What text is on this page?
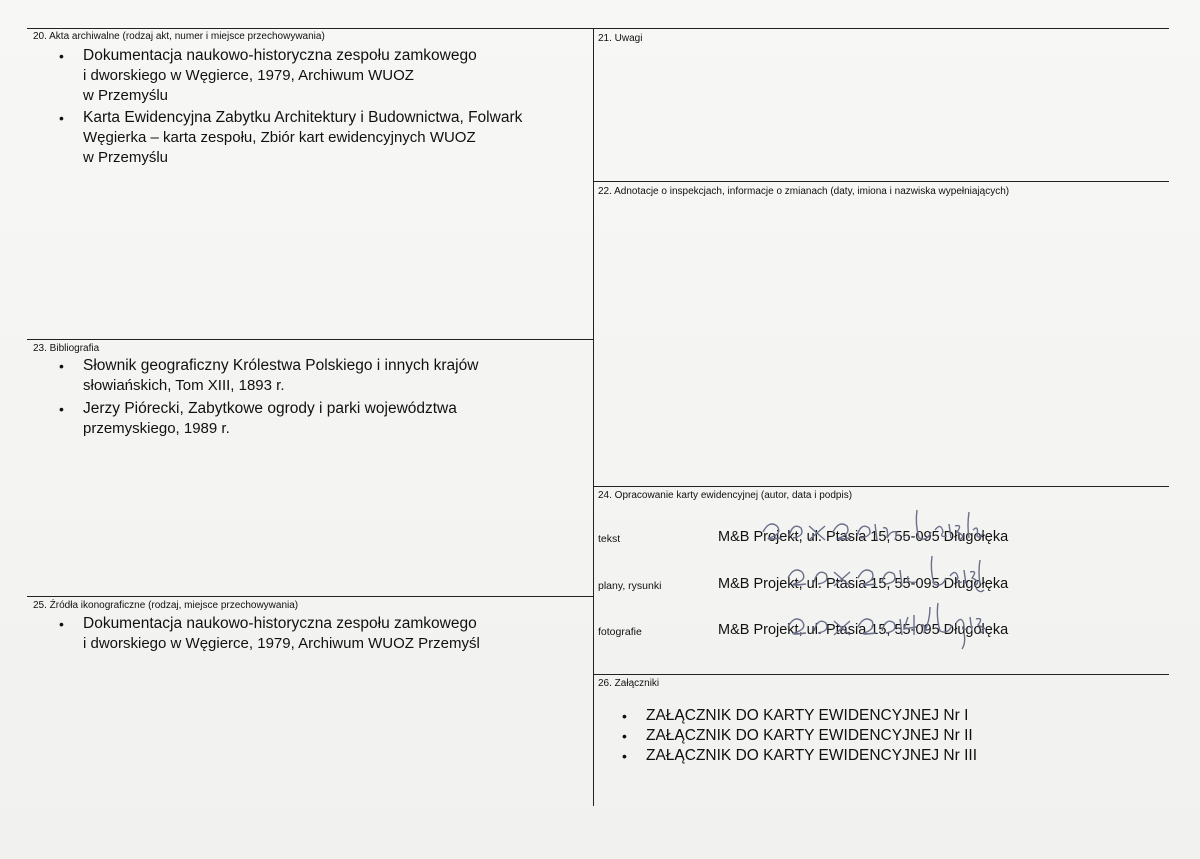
20. Akta archiwalne (rodzaj akt, numer i miejsce przechowywania)
• Dokumentacja naukowo-historyczna zespołu zamkowego
i dworskiego w Węgierce, 1979, Archiwum WUOZ
w Przemyślu
• Karta Ewidencyjna Zabytku Architektury i Budownictwa, Folwark
Węgierka – karta zespołu, Zbiór kart ewidencyjnych WUOZ
w Przemyślu
21. Uwagi
22. Adnotacje o inspekcjach, informacje o zmianach (daty, imiona i nazwiska wypełniających)
23. Bibliografia
• Słownik geograficzny Królestwa Polskiego i innych krajów
słowiańskich, Tom XIII, 1893 r.
• Jerzy Piórecki, Zabytkowe ogrody i parki województwa
przemyskiego, 1989 r.
24. Opracowanie karty ewidencyjnej (autor, data i podpis)
tekst	M&B Projekt, ul. Ptasia 15, 55-095 Długołęka
plany, rysunki	M&B Projekt, ul. Ptasia 15, 55-095 Długołęka
fotografie	M&B Projekt, ul. Ptasia 15, 55-095 Długołęka
25. Źródła ikonograficzne (rodzaj, miejsce przechowywania)
• Dokumentacja naukowo-historyczna zespołu zamkowego
i dworskiego w Węgierce, 1979, Archiwum WUOZ Przemyśl
26. Załączniki
• ZAŁĄCZNIK DO KARTY EWIDENCYJNEJ Nr I
• ZAŁĄCZNIK DO KARTY EWIDENCYJNEJ Nr II
• ZAŁĄCZNIK DO KARTY EWIDENCYJNEJ Nr III
